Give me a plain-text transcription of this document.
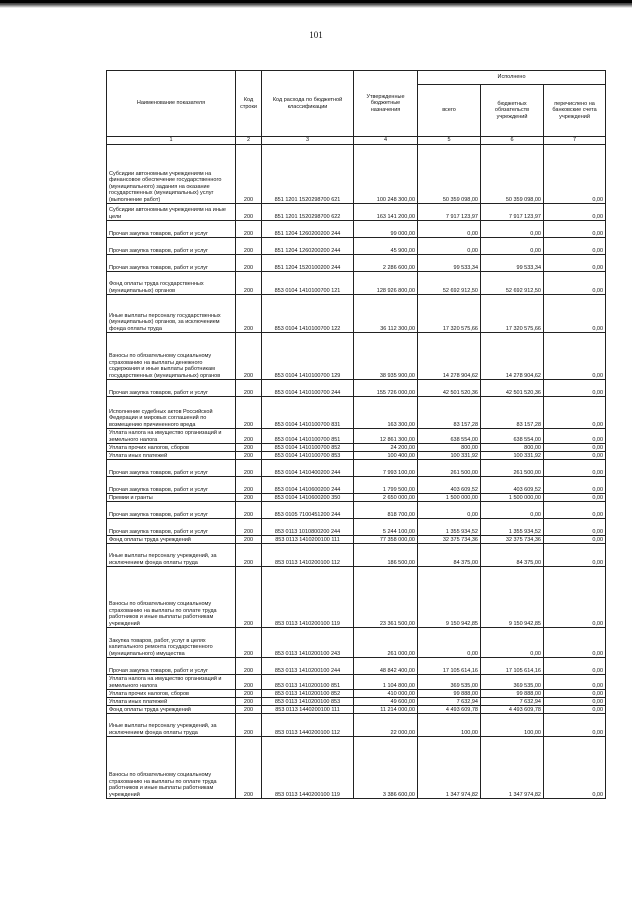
101
Наименование показателя	Код строки	Код расхода по бюджетной классификации	Утвержденные бюджетные назначения	Исполнено		
				всего	бюджетных обязательств учреждений	перечислено на банковские счета учреждений
1	2	3	4	5	6	7
Субсидии автономным учреждениям на финансовое обеспечение государственного (муниципального) задания на оказание государственных (муниципальных) услуг (выполнение работ)	200	851 1201 1520298700 621	100 248 300,00	50 359 098,00	50 359 098,00	0,00
Субсидии автономным учреждениям на иные цели	200	851 1201 1520298700 622	163 141 200,00	7 917 123,97	7 917 123,97	0,00
Прочая закупка товаров, работ и услуг	200	851 1204 1260200200 244	99 000,00	0,00	0,00	0,00
Прочая закупка товаров, работ и услуг	200	851 1204 1260200200 244	45 900,00	0,00	0,00	0,00
Прочая закупка товаров, работ и услуг	200	851 1204 1520100200 244	2 286 600,00	99 533,34	99 533,34	0,00
Фонд оплаты труда государственных (муниципальных) органов	200	853 0104 1410100700 121	128 926 800,00	52 692 912,50	52 692 912,50	0,00
Иные выплаты персоналу государственных (муниципальных) органов, за исключением фонда оплаты труда	200	853 0104 1410100700 122	36 112 300,00	17 320 575,66	17 320 575,66	0,00
Взносы по обязательному социальному страхованию на выплаты денежного содержания и иные выплаты работникам государственных (муниципальных) органов	200	853 0104 1410100700 129	38 935 900,00	14 278 904,62	14 278 904,62	0,00
Прочая закупка товаров, работ и услуг	200	853 0104 1410100700 244	155 726 000,00	42 501 520,36	42 501 520,36	0,00
Исполнение судебных актов Российской Федерации и мировых соглашений по возмещению причиненного вреда	200	853 0104 1410100700 831	163 300,00	83 157,28	83 157,28	0,00
Уплата налога на имущество организаций и земельного налога	200	853 0104 1410100700 851	12 861 300,00	638 554,00	638 554,00	0,00
Уплата прочих налогов, сборов	200	853 0104 1410100700 852	24 200,00	800,00	800,00	0,00
Уплата иных платежей	200	853 0104 1410100700 853	100 400,00	100 331,92	100 331,92	0,00
Прочая закупка товаров, работ и услуг	200	853 0104 1410400200 244	7 993 100,00	261 500,00	261 500,00	0,00
Прочая закупка товаров, работ и услуг	200	853 0104 1410600200 244	1 799 500,00	403 609,52	403 609,52	0,00
Премии и гранты	200	853 0104 1410600200 350	2 650 000,00	1 500 000,00	1 500 000,00	0,00
Прочая закупка товаров, работ и услуг	200	853 0105 7100451200 244	818 700,00	0,00	0,00	0,00
Прочая закупка товаров, работ и услуг	200	853 0113 1010800200 244	5 244 100,00	1 355 934,52	1 355 934,52	0,00
Фонд оплаты труда учреждений	200	853 0113 1410200100 111	77 358 000,00	32 375 734,36	32 375 734,36	0,00
Иные выплаты персоналу учреждений, за исключением фонда оплаты труда	200	853 0113 1410200100 112	186 500,00	84 375,00	84 375,00	0,00
Взносы по обязательному социальному страхованию на выплаты по оплате труда работников и иные выплаты работникам учреждений	200	853 0113 1410200100 119	23 361 500,00	9 150 942,85	9 150 942,85	0,00
Закупка товаров, работ, услуг в целях капитального ремонта государственного (муниципального) имущества	200	853 0113 1410200100 243	261 000,00	0,00	0,00	0,00
Прочая закупка товаров, работ и услуг	200	853 0113 1410200100 244	48 842 400,00	17 105 614,16	17 105 614,16	0,00
Уплата налога на имущество организаций и земельного налога	200	853 0113 1410200100 851	1 104 800,00	369 535,00	369 535,00	0,00
Уплата прочих налогов, сборов	200	853 0113 1410200100 852	410 000,00	99 888,00	99 888,00	0,00
Уплата иных платежей	200	853 0113 1410200100 853	49 600,00	7 632,94	7 632,94	0,00
Фонд оплаты труда учреждений	200	853 0113 1440200100 111	11 214 000,00	4 493 609,78	4 493 609,78	0,00
Иные выплаты персоналу учреждений, за исключением фонда оплаты труда	200	853 0113 1440200100 112	22 000,00	100,00	100,00	0,00
Взносы по обязательному социальному страхованию на выплаты по оплате труда работников и иные выплаты работникам учреждений	200	853 0113 1440200100 119	3 386 600,00	1 347 974,82	1 347 974,82	0,00
